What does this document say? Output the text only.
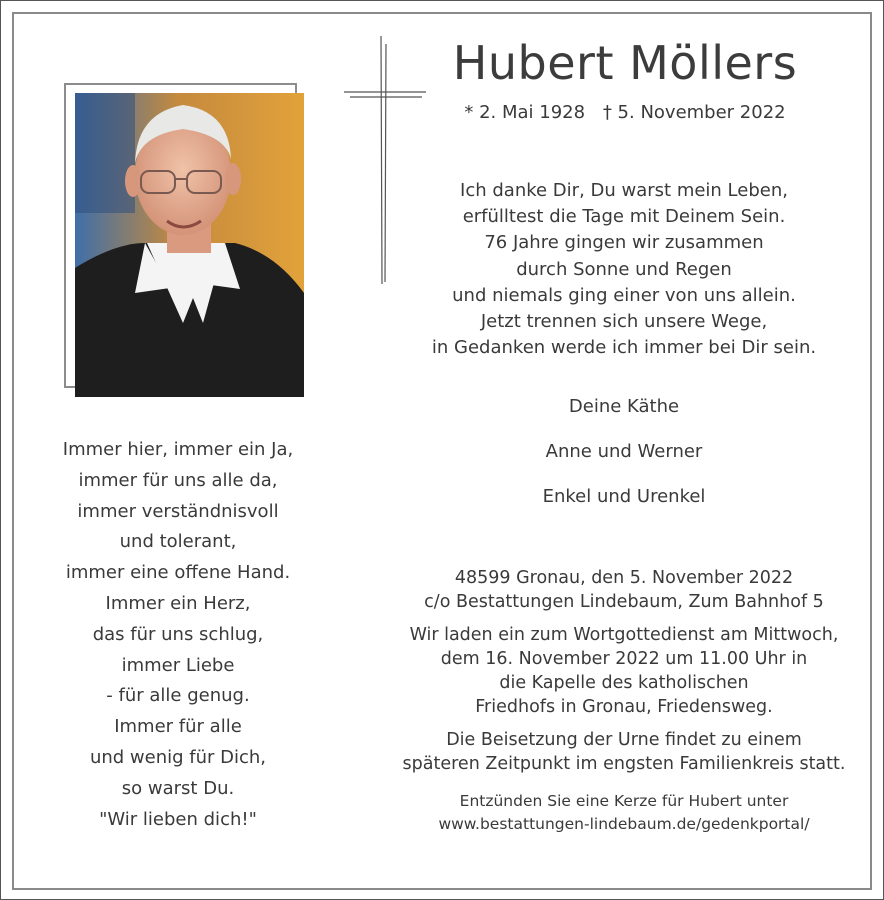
Hubert Möllers
* 2. Mai 1928 † 5. November 2022
Ich danke Dir, Du warst mein Leben,
erfülltest die Tage mit Deinem Sein.
76 Jahre gingen wir zusammen
durch Sonne und Regen
und niemals ging einer von uns allein.
Jetzt trennen sich unsere Wege,
in Gedanken werde ich immer bei Dir sein.
Deine Käthe
Anne und Werner
Enkel und Urenkel
Immer hier, immer ein Ja,
immer für uns alle da,
immer verständnisvoll
und tolerant,
immer eine offene Hand.
Immer ein Herz,
das für uns schlug,
immer Liebe
- für alle genug.
Immer für alle
und wenig für Dich,
so warst Du.
"Wir lieben dich!"

48599 Gronau, den 5. November 2022
c/o Bestattungen Lindebaum, Zum Bahnhof 5

Wir laden ein zum Wortgottedienst am Mittwoch,
dem 16. November 2022 um 11.00 Uhr in
die Kapelle des katholischen
Friedhofs in Gronau, Friedensweg.

Die Beisetzung der Urne findet zu einem
späteren Zeitpunkt im engsten Familienkreis statt.

Entzünden Sie eine Kerze für Hubert unter
www.bestattungen-lindebaum.de/gedenkportal/
